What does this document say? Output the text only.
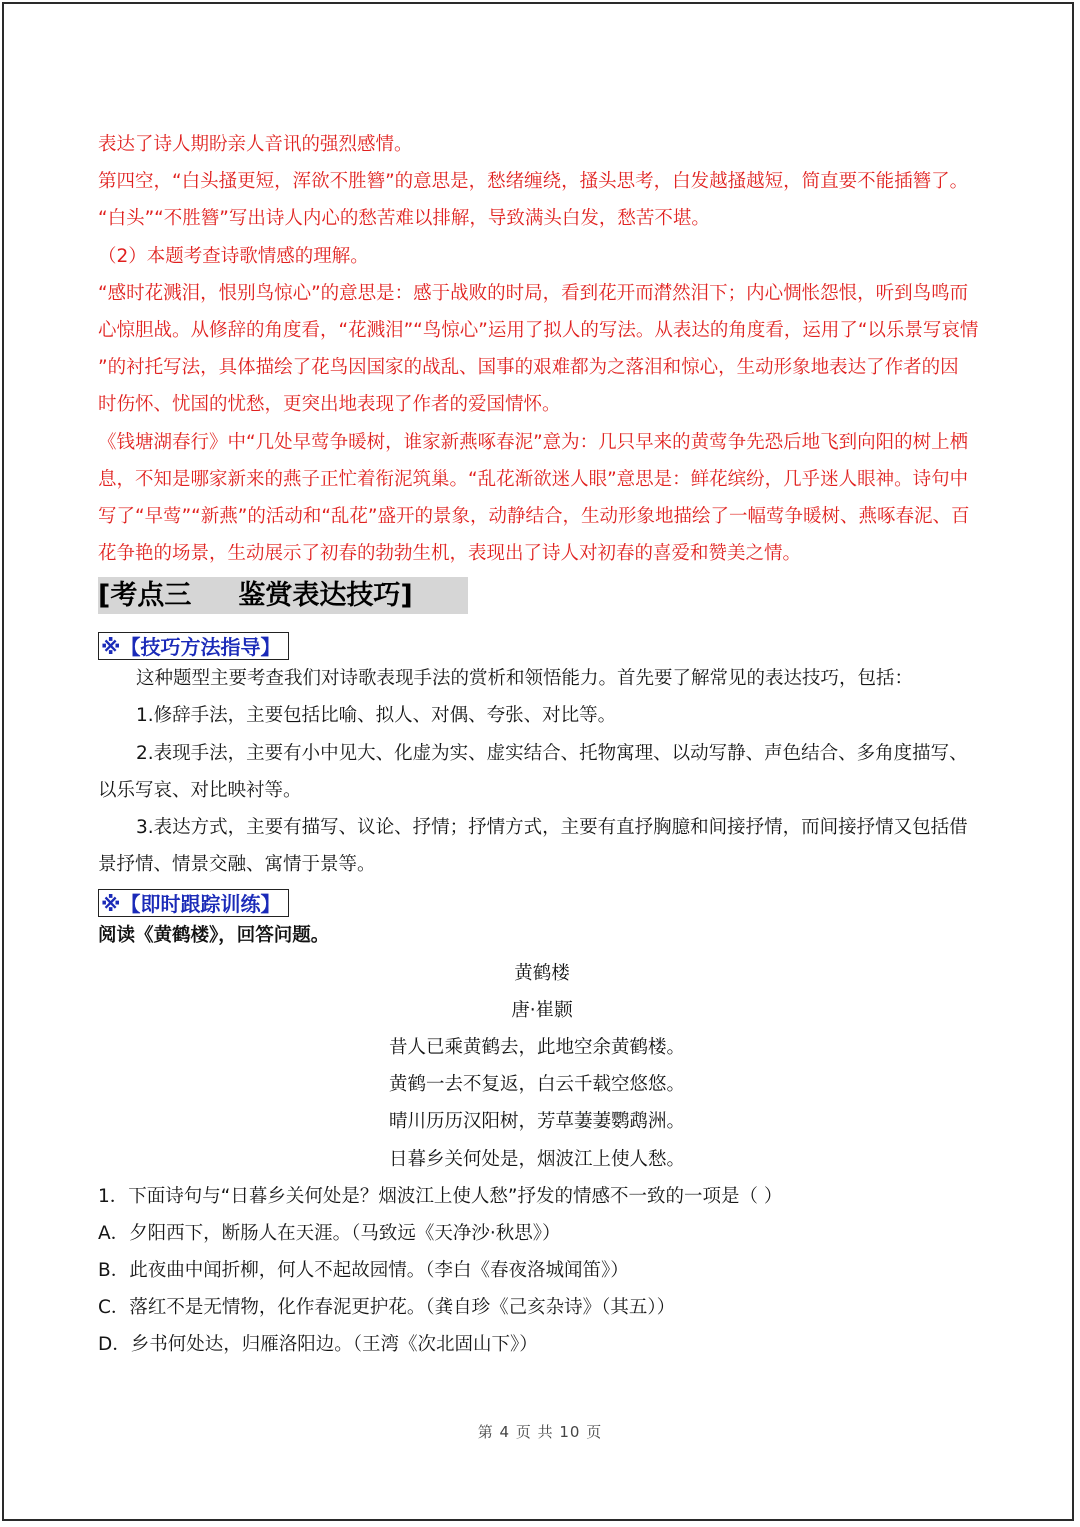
表达了诗人期盼亲人音讯的强烈感情。
第四空，“白头搔更短，浑欲不胜簪”的意思是，愁绪缠绕，搔头思考，白发越搔越短，简直要不能插簪了。
“白头”“不胜簪”写出诗人内心的愁苦难以排解，导致满头白发，愁苦不堪。
（2）本题考查诗歌情感的理解。
“感时花溅泪，恨别鸟惊心”的意思是：感于战败的时局，看到花开而潸然泪下；内心惆怅怨恨，听到鸟鸣而
心惊胆战。从修辞的角度看，“花溅泪”“鸟惊心”运用了拟人的写法。从表达的角度看，运用了“以乐景写哀情
”的衬托写法，具体描绘了花鸟因国家的战乱、国事的艰难都为之落泪和惊心，生动形象地表达了作者的因
时伤怀、忧国的忧愁，更突出地表现了作者的爱国情怀。
《钱塘湖春行》中“几处早莺争暖树，谁家新燕啄春泥”意为：几只早来的黄莺争先恐后地飞到向阳的树上栖
息，不知是哪家新来的燕子正忙着衔泥筑巢。“乱花渐欲迷人眼”意思是：鲜花缤纷，几乎迷人眼神。诗句中
写了“早莺”“新燕”的活动和“乱花”盛开的景象，动静结合，生动形象地描绘了一幅莺争暖树、燕啄春泥、百
花争艳的场景，生动展示了初春的勃勃生机，表现出了诗人对初春的喜爱和赞美之情。
[考点三     鉴赏表达技巧]
※【技巧方法指导】
这种题型主要考查我们对诗歌表现手法的赏析和领悟能力。首先要了解常见的表达技巧，包括：
1.修辞手法，主要包括比喻、拟人、对偶、夸张、对比等。
2.表现手法，主要有小中见大、化虚为实、虚实结合、托物寓理、以动写静、声色结合、多角度描写、
以乐写哀、对比映衬等。
3.表达方式，主要有描写、议论、抒情；抒情方式，主要有直抒胸臆和间接抒情，而间接抒情又包括借
景抒情、情景交融、寓情于景等。
※【即时跟踪训练】
阅读《黄鹤楼》，回答问题。
黄鹤楼
唐·崔颢
昔人已乘黄鹤去，此地空余黄鹤楼。
黄鹤一去不复返，白云千载空悠悠。
晴川历历汉阳树，芳草萋萋鹦鹉洲。
日暮乡关何处是，烟波江上使人愁。
1．下面诗句与“日暮乡关何处是？烟波江上使人愁”抒发的情感不一致的一项是（ ）
A．夕阳西下，断肠人在天涯。（马致远《天净沙·秋思》）
B．此夜曲中闻折柳，何人不起故园情。（李白《春夜洛城闻笛》）
C．落红不是无情物，化作春泥更护花。（龚自珍《己亥杂诗》（其五））
D．乡书何处达，归雁洛阳边。（王湾《次北固山下》）
第 4 页 共 10 页
